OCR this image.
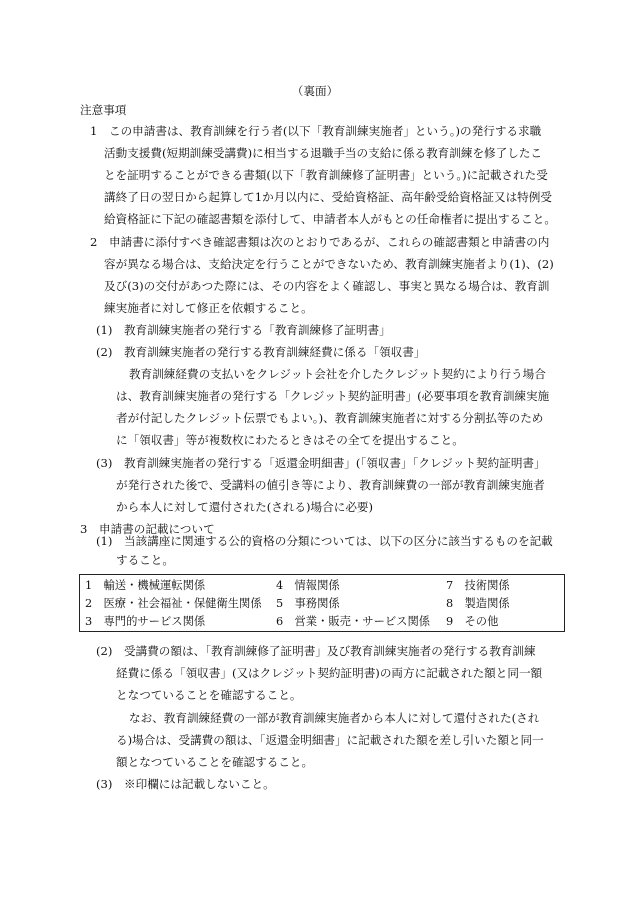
（裏面）
注意事項
1　この申請書は、教育訓練を行う者(以下「教育訓練実施者」という。)の発行する求職
活動支援費(短期訓練受講費)に相当する退職手当の支給に係る教育訓練を修了したこ
とを証明することができる書類(以下「教育訓練修了証明書」という。)に記載された受
講終了日の翌日から起算して1か月以内に、受給資格証、高年齢受給資格証又は特例受
給資格証に下記の確認書類を添付して、申請者本人がもとの任命権者に提出すること。
2　申請書に添付すべき確認書類は次のとおりであるが、これらの確認書類と申請書の内
容が異なる場合は、支給決定を行うことができないため、教育訓練実施者より(1)、(2)
及び(3)の交付があつた際には、その内容をよく確認し、事実と異なる場合は、教育訓
練実施者に対して修正を依頼すること。
(1)　教育訓練実施者の発行する「教育訓練修了証明書」
(2)　教育訓練実施者の発行する教育訓練経費に係る「領収書」
教育訓練経費の支払いをクレジット会社を介したクレジット契約により行う場合
は、教育訓練実施者の発行する「クレジット契約証明書」(必要事項を教育訓練実施
者が付記したクレジット伝票でもよい。)、教育訓練実施者に対する分割払等のため
に「領収書」等が複数枚にわたるときはその全てを提出すること。
(3)　教育訓練実施者の発行する「返還金明細書」(「領収書」「クレジット契約証明書」
が発行された後で、受講料の値引き等により、教育訓練費の一部が教育訓練実施者
から本人に対して還付された(される)場合に必要)
3　申請書の記載について
(1)　当該講座に関連する公的資格の分類については、以下の区分に該当するものを記載
すること。
1　輸送・機械運転関係	4　情報関係	7　技術関係
2　医療・社会福祉・保健衛生関係 5　事務関係	8　製造関係
3　専門的サービス関係	6　営業・販売・サービス関係 9　その他
(2)　受講費の額は、「教育訓練修了証明書」及び教育訓練実施者の発行する教育訓練
経費に係る「領収書」(又はクレジット契約証明書)の両方に記載された額と同一額
となつていることを確認すること。
なお、教育訓練経費の一部が教育訓練実施者から本人に対して還付された(され
る)場合は、受講費の額は、「返還金明細書」に記載された額を差し引いた額と同一
額となつていることを確認すること。
(3)　※印欄には記載しないこと。
